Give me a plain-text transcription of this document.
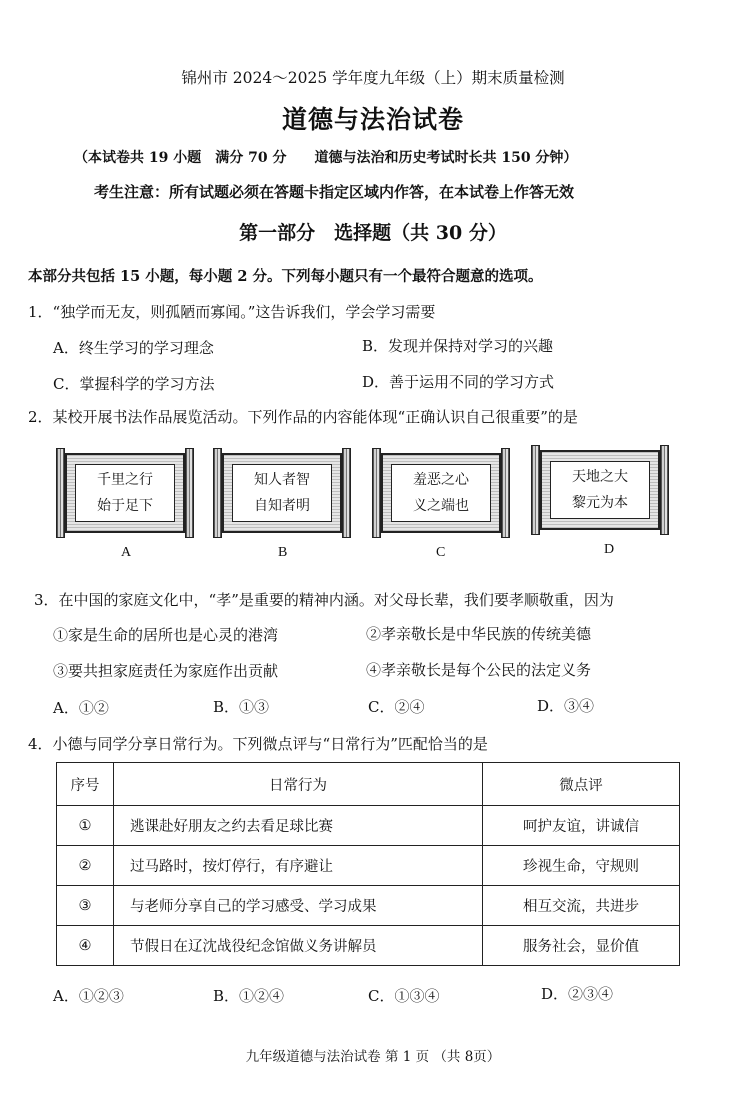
锦州市 2024～2025 学年度九年级（上）期末质量检测
道德与法治试卷
（本试卷共 19 小题　满分 70 分　　道德与法治和历史考试时长共 150 分钟）
考生注意：所有试题必须在答题卡指定区域内作答，在本试卷上作答无效
第一部分　选择题（共 30 分）
本部分共包括 15 小题，每小题 2 分。下列每小题只有一个最符合题意的选项。
1．“独学而无友，则孤陋而寡闻。”这告诉我们，学会学习需要
A．终生学习的学习理念	B．发现并保持对学习的兴趣
C．掌握科学的学习方法	D．善于运用不同的学习方式
2．某校开展书法作品展览活动。下列作品的内容能体现“正确认识自己很重要”的是
千里之行
始于足下
知人者智
自知者明
羞恶之心
义之端也
天地之大
黎元为本
A	B	C	D
3．在中国的家庭文化中，“孝”是重要的精神内涵。对父母长辈，我们要孝顺敬重，因为
①家是生命的居所也是心灵的港湾	②孝亲敬长是中华民族的传统美德
③要共担家庭责任为家庭作出贡献	④孝亲敬长是每个公民的法定义务
A．①②	B．①③	C．②④	D．③④
4．小德与同学分享日常行为。下列微点评与“日常行为”匹配恰当的是
序号	日常行为	微点评
①	逃课赴好朋友之约去看足球比赛	呵护友谊，讲诚信
②	过马路时，按灯停行，有序避让	珍视生命，守规则
③	与老师分享自己的学习感受、学习成果	相互交流，共进步
④	节假日在辽沈战役纪念馆做义务讲解员	服务社会，显价值
A．①②③	B．①②④	C．①③④	D．②③④
九年级道德与法治试卷 第 1 页 （共 8页）
